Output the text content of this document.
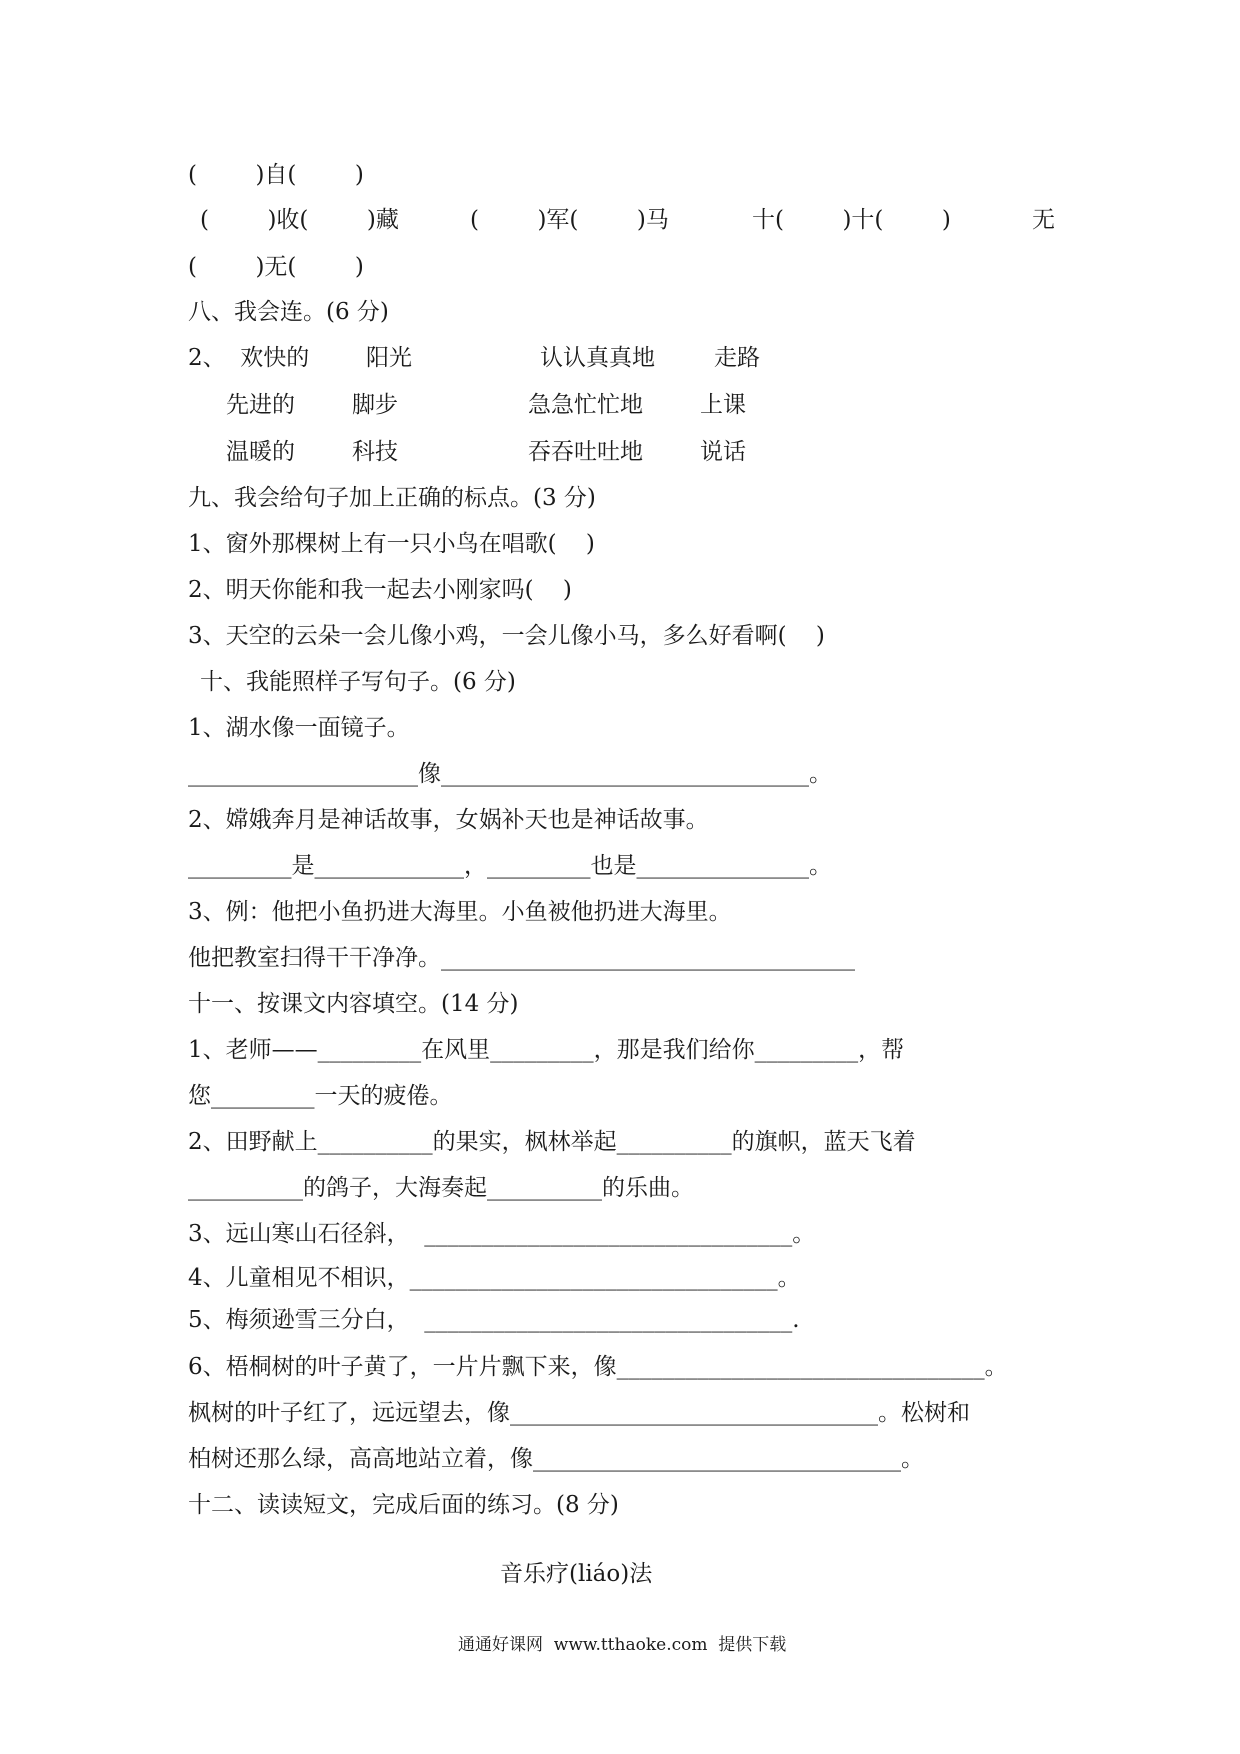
(        )自(        )
(        )收(        )藏	(        )军(        )马	十(        )十(        )	无
(        )无(        )
八、我会连。(6 分)
2、  欢快的 阳光	认认真真地	走路
先进的 脚步	急急忙忙地 上课
温暖的 科技	吞吞吐吐地 说话
九、我会给句子加上正确的标点。(3 分)
1、窗外那棵树上有一只小鸟在唱歌(    )
2、明天你能和我一起去小刚家吗(    )
3、天空的云朵一会儿像小鸡，一会儿像小马，多么好看啊(    )
十、我能照样子写句子。(6 分)
1、湖水像一面镜子。
____________________像________________________________。
2、嫦娥奔月是神话故事，女娲补天也是神话故事。
_________是_____________，_________也是_______________。
3、例：他把小鱼扔进大海里。小鱼被他扔进大海里。
他把教室扫得干干净净。____________________________________
十一、按课文内容填空。(14 分)
1、老师——_________在风里_________，那是我们给你_________，帮
您_________一天的疲倦。
2、田野献上__________的果实，枫林举起__________的旗帜，蓝天飞着
__________的鸽子，大海奏起__________的乐曲。
3、远山寒山石径斜，  ________________________________。
4、儿童相见不相识，________________________________。
5、梅须逊雪三分白，  ________________________________.
6、梧桐树的叶子黄了，一片片飘下来，像________________________________。
枫树的叶子红了，远远望去，像________________________________。松树和
柏树还那么绿，高高地站立着，像________________________________。
十二、读读短文，完成后面的练习。(8 分)
音乐疗(liáo)法
通通好课网  www.tthaoke.com  提供下载
